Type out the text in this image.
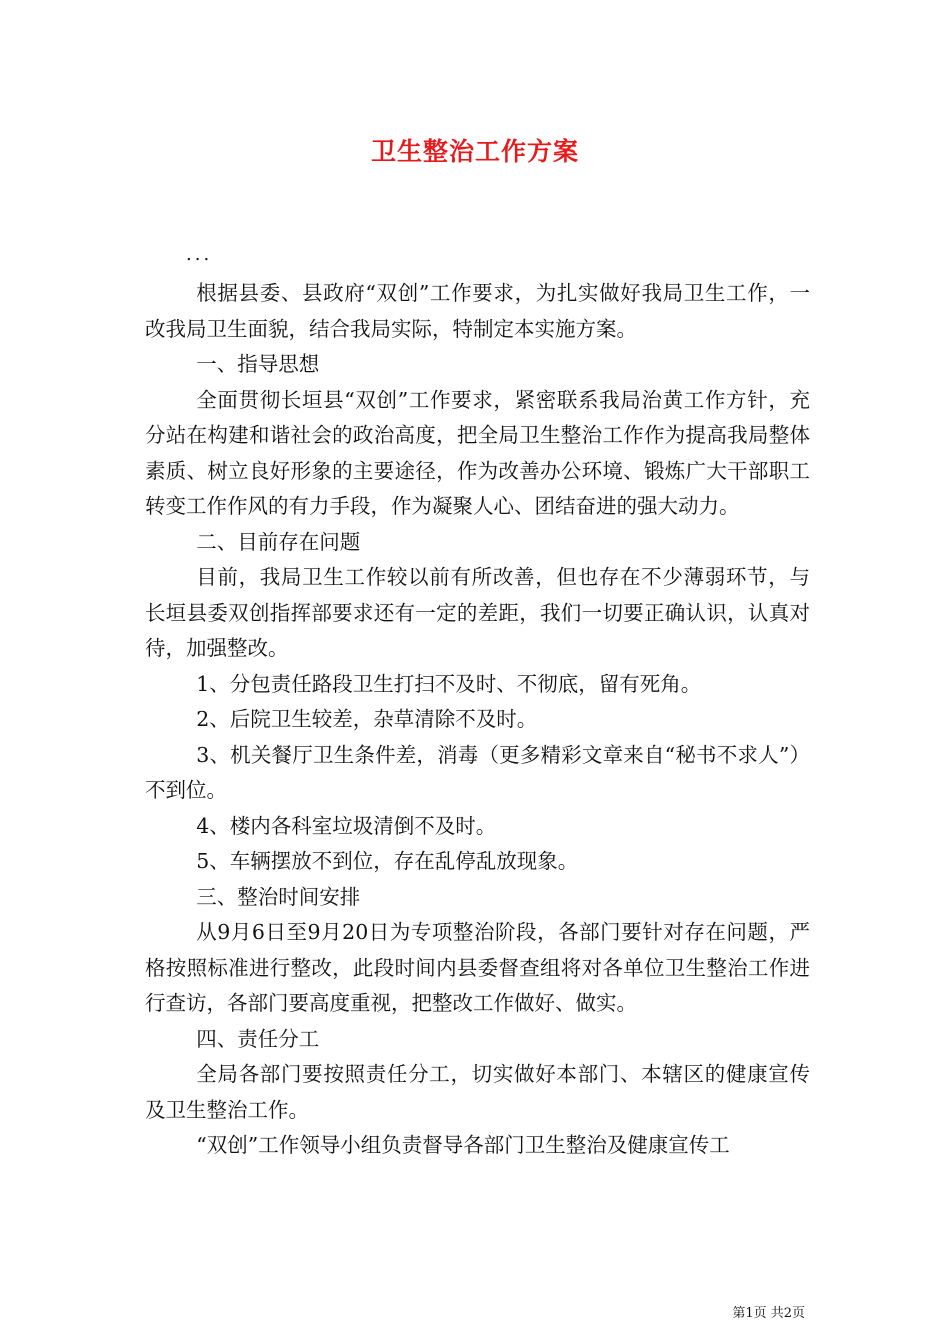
卫生整治工作方案
...

根据县委、县政府“双创”工作要求，为扎实做好我局卫生工作，一改我局卫生面貌，结合我局实际，特制定本实施方案。

一、指导思想

全面贯彻长垣县“双创”工作要求，紧密联系我局治黄工作方针，充分站在构建和谐社会的政治高度，把全局卫生整治工作作为提高我局整体素质、树立良好形象的主要途径，作为改善办公环境、锻炼广大干部职工转变工作作风的有力手段，作为凝聚人心、团结奋进的强大动力。

二、目前存在问题

目前，我局卫生工作较以前有所改善，但也存在不少薄弱环节，与长垣县委双创指挥部要求还有一定的差距，我们一切要正确认识，认真对待，加强整改。

1、分包责任路段卫生打扫不及时、不彻底，留有死角。

2、后院卫生较差，杂草清除不及时。

3、机关餐厅卫生条件差，消毒（更多精彩文章来自“秘书不求人”）不到位。

4、楼内各科室垃圾清倒不及时。

5、车辆摆放不到位，存在乱停乱放现象。

三、整治时间安排

从9月6日至9月20日为专项整治阶段，各部门要针对存在问题，严格按照标准进行整改，此段时间内县委督查组将对各单位卫生整治工作进行查访，各部门要高度重视，把整改工作做好、做实。

四、责任分工

全局各部门要按照责任分工，切实做好本部门、本辖区的健康宣传及卫生整治工作。

“双创”工作领导小组负责督导各部门卫生整治及健康宣传工

第1页 共2页
